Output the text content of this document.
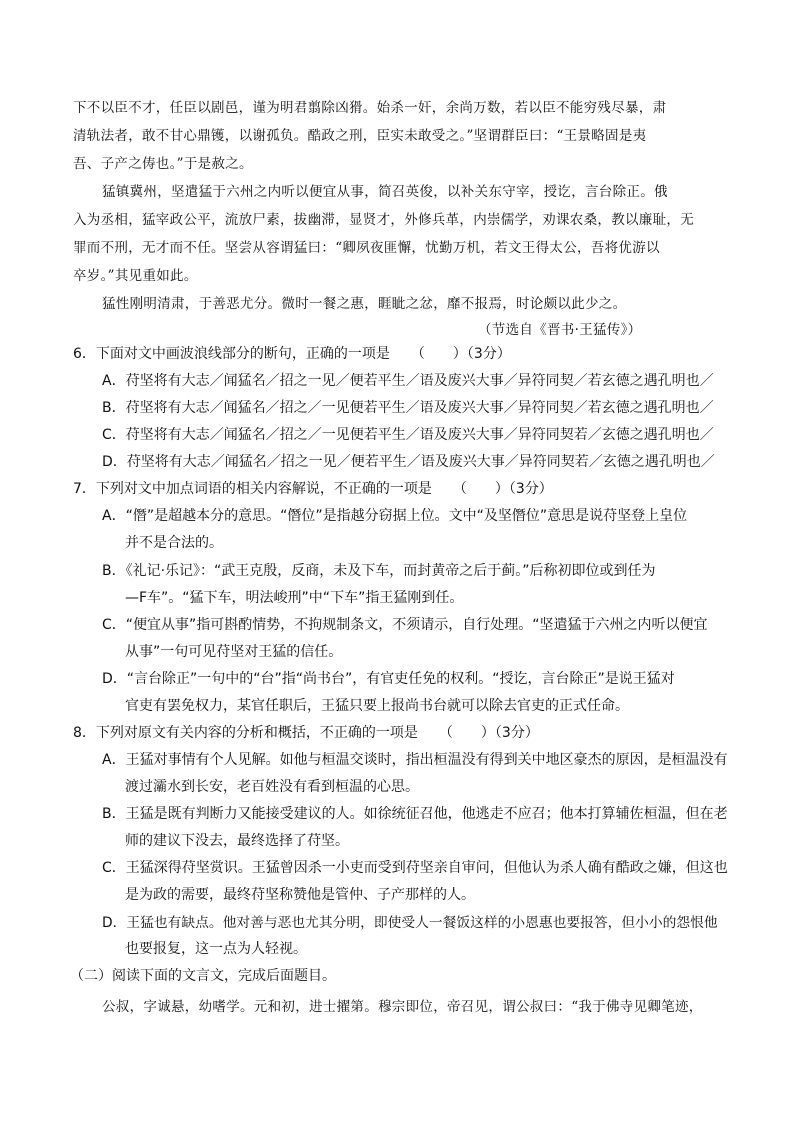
下不以臣不才，任臣以剧邑，谨为明君翦除凶猾。始杀一奸，余尚万数，若以臣不能穷残尽暴，肃
清轨法者，敢不甘心鼎镬，以谢孤负。酷政之刑，臣实未敢受之。”坚谓群臣曰：“王景略固是夷
吾、子产之俦也。”于是赦之。
猛镇冀州，坚遣猛于六州之内听以便宜从事，简召英俊，以补关东守宰，授讫，言台除正。俄
入为丞相，猛宰政公平，流放尸素，拔幽滞，显贤才，外修兵革，内崇儒学，劝课农桑，教以廉耻，无
罪而不刑，无才而不任。坚尝从容谓猛曰：“卿夙夜匪懈，忧勤万机，若文王得太公，吾将优游以
卒岁。”其见重如此。
猛性刚明清肃，于善恶尤分。微时一餐之惠，睚眦之忿，靡不报焉，时论颇以此少之。
（节选自《晋书·王猛传》）
6．下面对文中画波浪线部分的断句，正确的一项是　　（　　）（3分）
A．苻坚将有大志／闻猛名／招之一见／便若平生／语及废兴大事／异符同契／若玄德之遇孔明也／
B．苻坚将有大志／闻猛名／招之／一见便若平生／语及废兴大事／异符同契／若玄德之遇孔明也／
C．苻坚将有大志／闻猛名／招之／一见便若平生／语及废兴大事／异符同契若／玄德之遇孔明也／
D．苻坚将有大志／闻猛名／招之一见／便若平生／语及废兴大事／异符同契若／玄德之遇孔明也／
7．下列对文中加点词语的相关内容解说，不正确的一项是　　（　　）（3分）
A．“僭”是超越本分的意思。“僭位”是指越分窃据上位。文中“及坚僭位”意思是说苻坚登上皇位
并不是合法的。
B．《礼记·乐记》：“武王克殷，反商，未及下车，而封黄帝之后于蓟。”后称初即位或到任为
—F车”。“猛下车，明法峻刑”中“下车”指王猛刚到任。
C．“便宜从事”指可斟酌情势，不拘规制条文，不须请示，自行处理。“坚遣猛于六州之内听以便宜
从事”一句可见苻坚对王猛的信任。
D．“言台除正”一句中的“台”指“尚书台”，有官吏任免的权利。“授讫，言台除正”是说王猛对
官吏有罢免权力，某官任职后，王猛只要上报尚书台就可以除去官吏的正式任命。
8．下列对原文有关内容的分析和概括，不正确的一项是　　（　　）（3分）
A．王猛对事情有个人见解。如他与桓温交谈时，指出桓温没有得到关中地区豪杰的原因，是桓温没有
渡过灞水到长安，老百姓没有看到桓温的心思。
B．王猛是既有判断力又能接受建议的人。如徐统征召他，他逃走不应召；他本打算辅佐桓温，但在老
师的建议下没去，最终选择了苻坚。
C．王猛深得苻坚赏识。王猛曾因杀一小吏而受到苻坚亲自审问，但他认为杀人确有酷政之嫌，但这也
是为政的需要，最终苻坚称赞他是管仲、子产那样的人。
D．王猛也有缺点。他对善与恶也尤其分明，即使受人一餐饭这样的小恩惠也要报答，但小小的怨恨他
也要报复，这一点为人轻视。
（二）阅读下面的文言文，完成后面题目。
公叔，字诚悬，幼嗜学。元和初，进士擢第。穆宗即位，帝召见，谓公叔曰：“我于佛寺见卿笔迹，
